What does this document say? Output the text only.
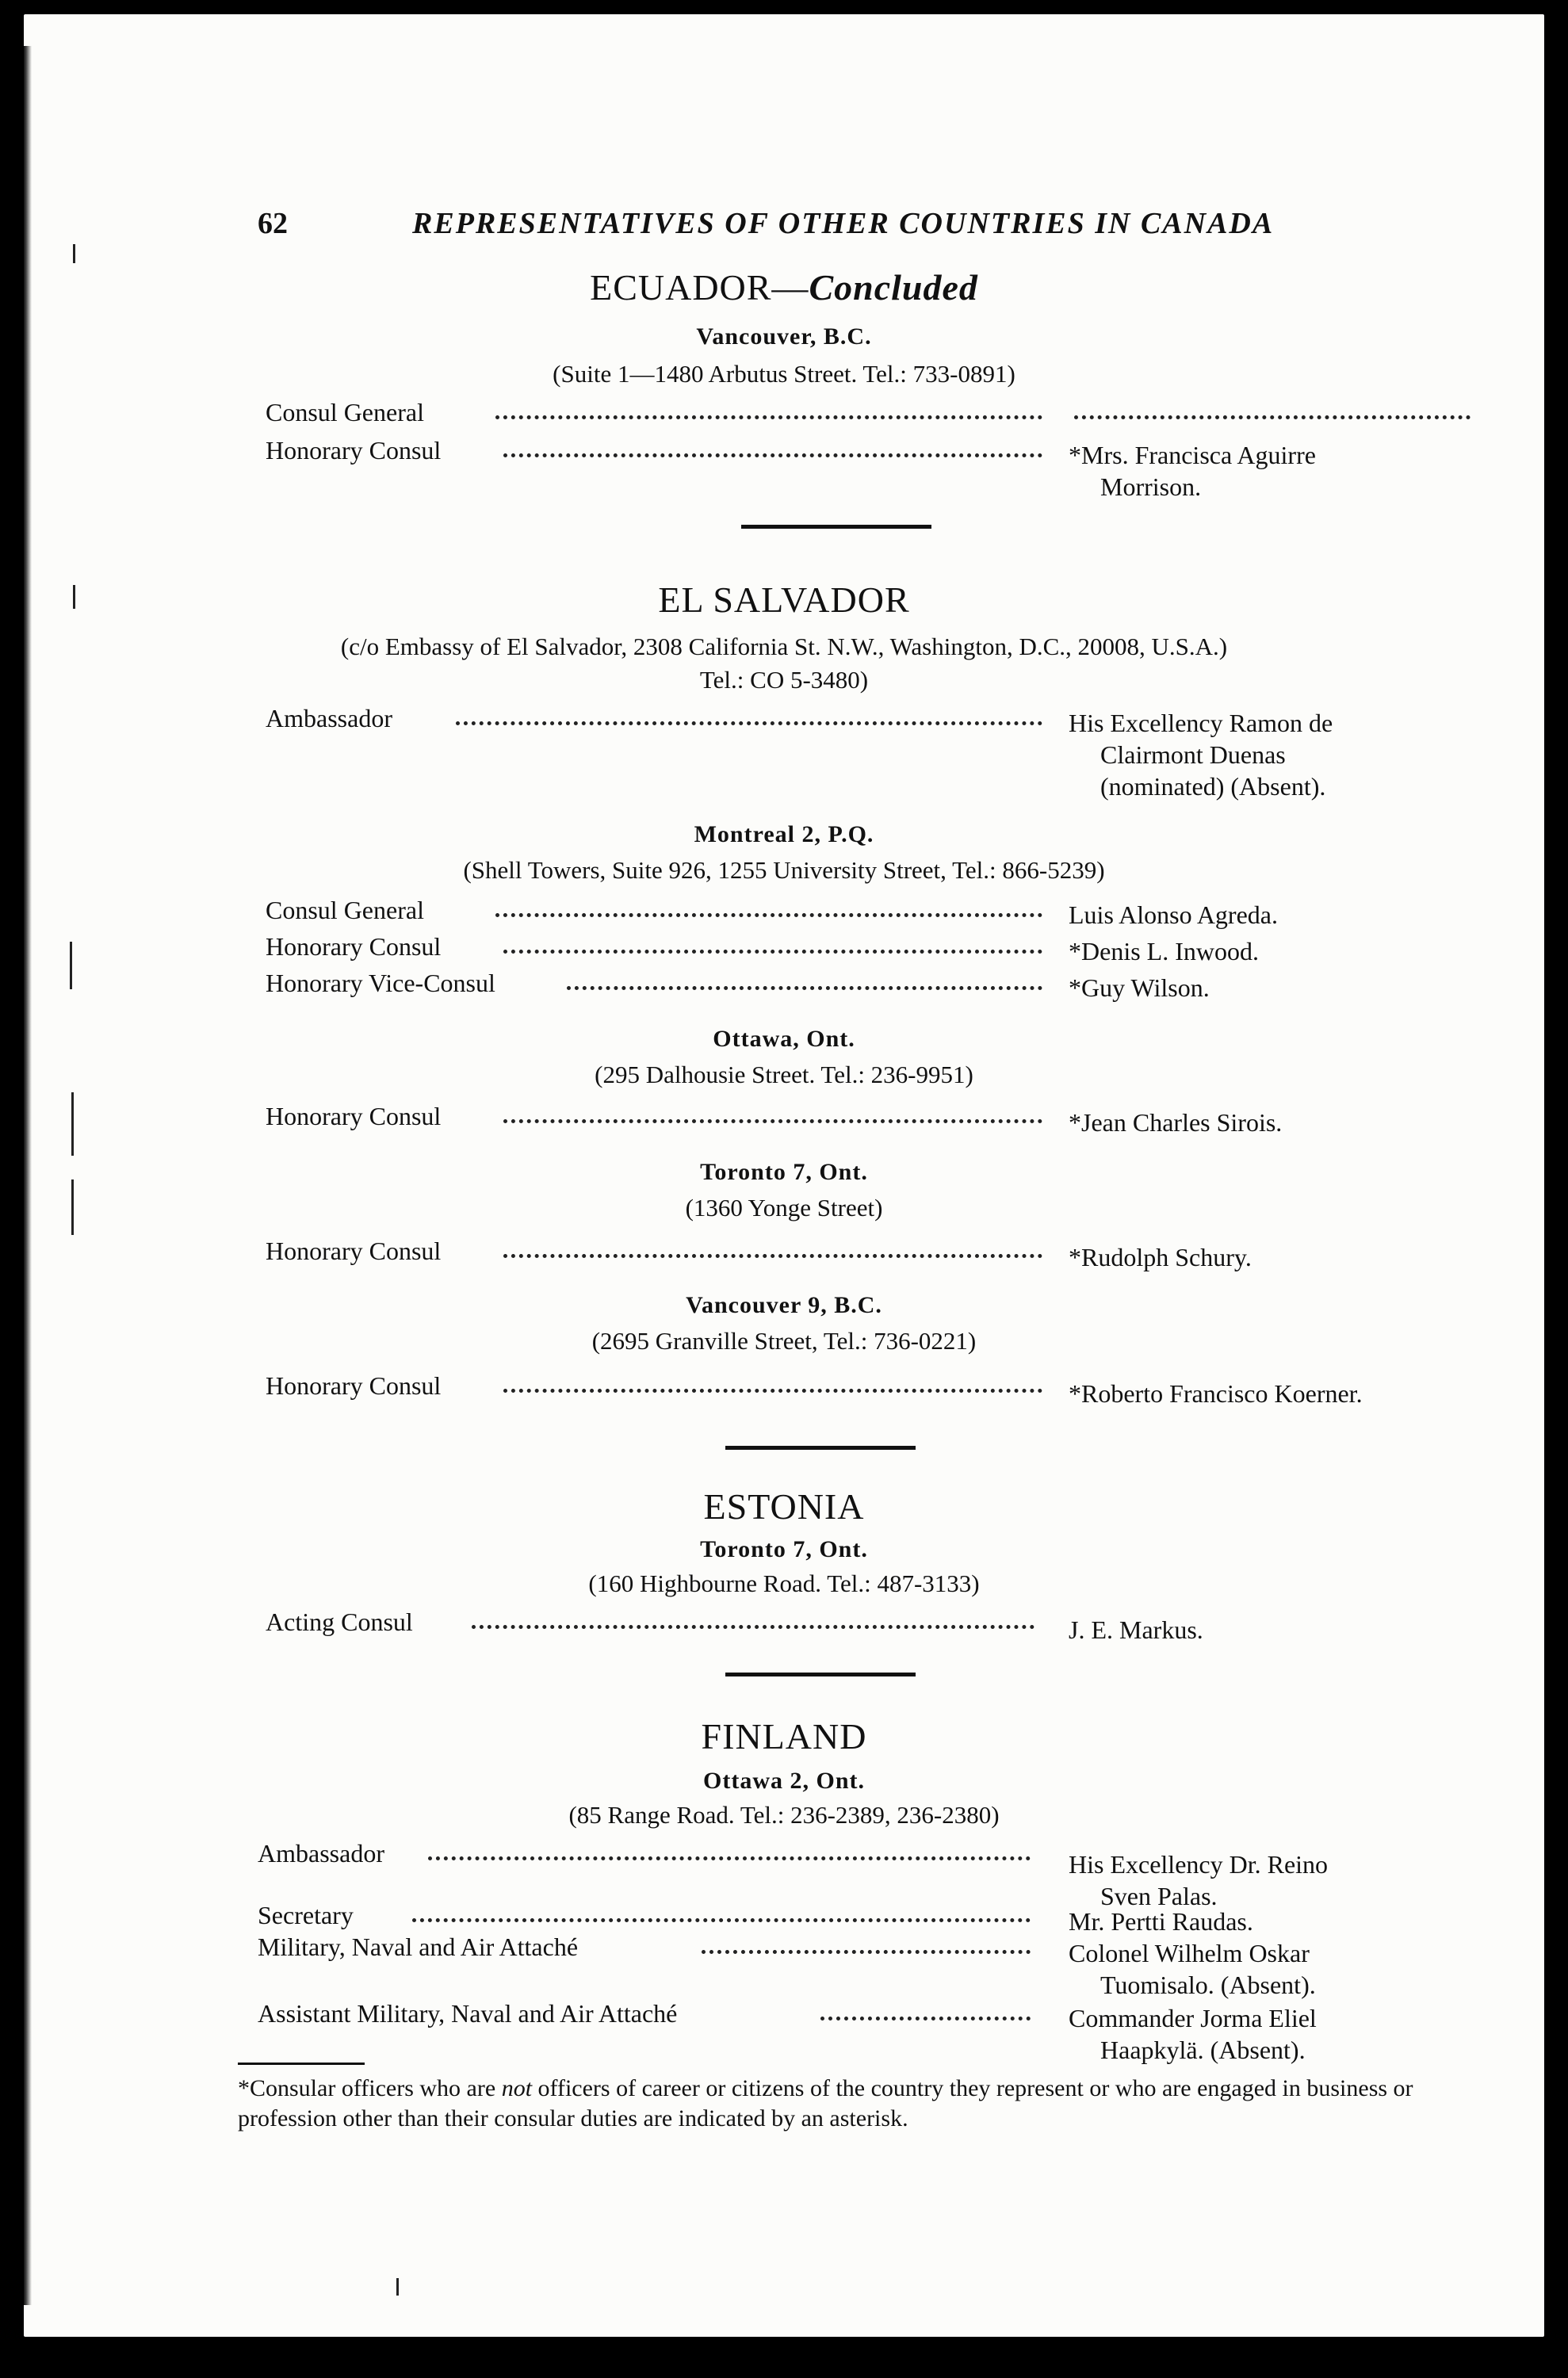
62	REPRESENTATIVES OF OTHER COUNTRIES IN CANADA
ECUADOR—Concluded
Vancouver, B.C.
(Suite 1—1480 Arbutus Street. Tel.: 733-0891)
Consul General
Honorary Consul	*Mrs. Francisca Aguirre
Morrison.
EL SALVADOR
(c/o Embassy of El Salvador, 2308 California St. N.W., Washington, D.C., 20008, U.S.A.)
Tel.: CO 5-3480)
Ambassador	His Excellency Ramon de
Clairmont Duenas
(nominated) (Absent).
Montreal 2, P.Q.
(Shell Towers, Suite 926, 1255 University Street, Tel.: 866-5239)
Consul General	Luis Alonso Agreda.
Honorary Consul	*Denis L. Inwood.
Honorary Vice-Consul	*Guy Wilson.
Ottawa, Ont.
(295 Dalhousie Street. Tel.: 236-9951)
Honorary Consul	*Jean Charles Sirois.
Toronto 7, Ont.
(1360 Yonge Street)
Honorary Consul	*Rudolph Schury.
Vancouver 9, B.C.
(2695 Granville Street, Tel.: 736-0221)
Honorary Consul	*Roberto Francisco Koerner.
ESTONIA
Toronto 7, Ont.
(160 Highbourne Road. Tel.: 487-3133)
Acting Consul	J. E. Markus.
FINLAND
Ottawa 2, Ont.
(85 Range Road. Tel.: 236-2389, 236-2380)
Ambassador	His Excellency Dr. Reino
Sven Palas.
Secretary	Mr. Pertti Raudas.
Military, Naval and Air Attaché	Colonel Wilhelm Oskar
Tuomisalo. (Absent).
Assistant Military, Naval and Air Attaché	Commander Jorma Eliel
Haapkylä. (Absent).
*Consular officers who are not officers of career or citizens of the country they represent or who are engaged in business or profession other than their consular duties are indicated by an asterisk.
